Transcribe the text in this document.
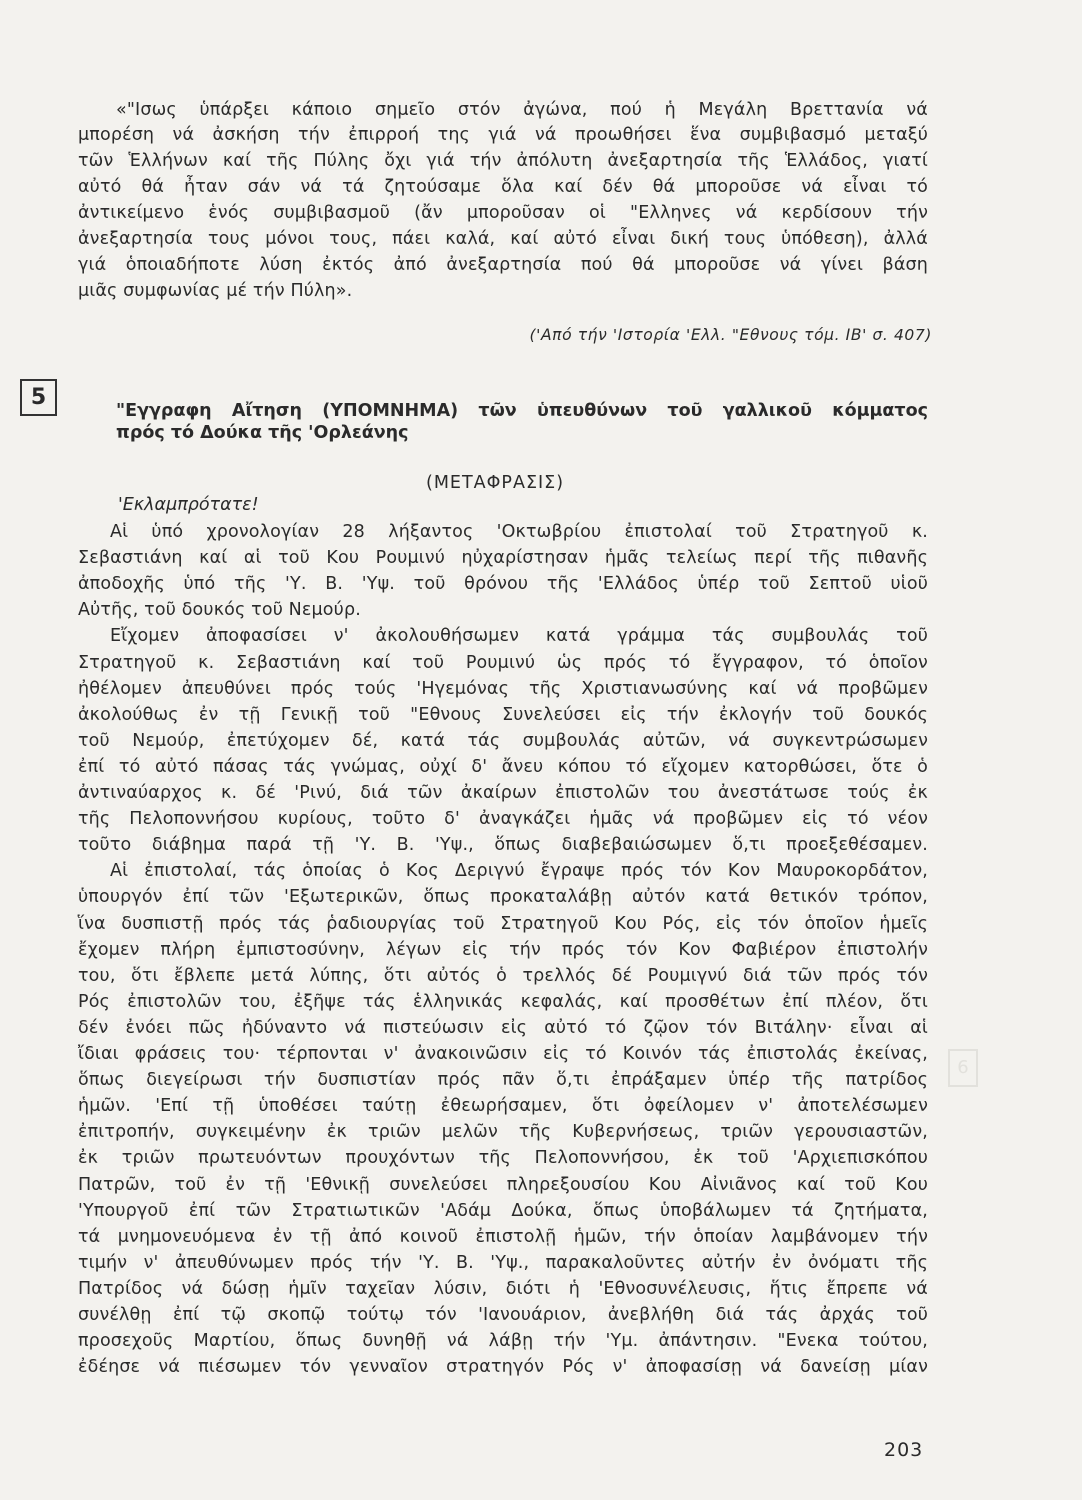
«"Ισως ὑπάρξει κάποιο σημεῖο στόν ἀγώνα, πού ἡ Μεγάλη Βρεττανία νά
μπορέση νά ἀσκήση τήν ἐπιρροή της γιά νά προωθήσει ἕνα συμβιβασμό μεταξύ
τῶν Ἑλλήνων καί τῆς Πύλης ὄχι γιά τήν ἀπόλυτη ἀνεξαρτησία τῆς Ἑλλάδος, γιατί
αὐτό θά ἦταν σάν νά τά ζητούσαμε ὅλα καί δέν θά μποροῦσε νά εἶναι τό
ἀντικείμενο ἑνός συμβιβασμοῦ (ἄν μποροῦσαν οἱ "Ελληνες νά κερδίσουν τήν
ἀνεξαρτησία τους μόνοι τους, πάει καλά, καί αὐτό εἶναι δική τους ὑπόθεση), ἀλλά
γιά ὁποιαδήποτε λύση ἐκτός ἀπό ἀνεξαρτησία πού θά μποροῦσε νά γίνει βάση
μιᾶς συμφωνίας μέ τήν Πύλη».
('Από τήν 'Ιστορία 'Ελλ. "Εθνους τόμ. ΙΒ' σ. 407)
5
"Εγγραφη Αἴτηση (ΥΠΟΜΝΗΜΑ) τῶν ὑπευθύνων τοῦ γαλλικοῦ κόμματος
πρός τό Δούκα τῆς 'Ορλεάνης
(ΜΕΤΑΦΡΑΣΙΣ)
'Εκλαμπρότατε!
Αἱ ὑπό χρονολογίαν 28 λήξαντος 'Οκτωβρίου ἐπιστολαί τοῦ Στρατηγοῦ κ.
Σεβαστιάνη καί αἱ τοῦ Κου Ρουμινύ ηὐχαρίστησαν ἡμᾶς τελείως περί τῆς πιθανῆς
ἀποδοχῆς ὑπό τῆς 'Υ. Β. 'Υψ. τοῦ θρόνου τῆς 'Ελλάδος ὑπέρ τοῦ Σεπτοῦ υἱοῦ
Αὐτῆς, τοῦ δουκός τοῦ Νεμούρ.
Εἴχομεν ἀποφασίσει ν' ἀκολουθήσωμεν κατά γράμμα τάς συμβουλάς τοῦ
Στρατηγοῦ κ. Σεβαστιάνη καί τοῦ Ρουμινύ ὡς πρός τό ἔγγραφον, τό ὁποῖον
ἠθέλομεν ἀπευθύνει πρός τούς 'Ηγεμόνας τῆς Χριστιανωσύνης καί νά προβῶμεν
ἀκολούθως ἐν τῇ Γενικῇ τοῦ "Εθνους Συνελεύσει εἰς τήν ἐκλογήν τοῦ δουκός
τοῦ Νεμούρ, ἐπετύχομεν δέ, κατά τάς συμβουλάς αὐτῶν, νά συγκεντρώσωμεν
ἐπί τό αὐτό πάσας τάς γνώμας, οὐχί δ' ἄνευ κόπου τό εἴχομεν κατορθώσει, ὅτε ὁ
ἀντιναύαρχος κ. δέ 'Ρινύ, διά τῶν ἀκαίρων ἐπιστολῶν του ἀνεστάτωσε τούς ἐκ
τῆς Πελοποννήσου κυρίους, τοῦτο δ' ἀναγκάζει ἡμᾶς νά προβῶμεν εἰς τό νέον
τοῦτο διάβημα παρά τῇ 'Υ. Β. 'Υψ., ὅπως διαβεβαιώσωμεν ὅ,τι προεξεθέσαμεν.
Αἱ ἐπιστολαί, τάς ὁποίας ὁ Κος Δεριγνύ ἔγραψε πρός τόν Κον Μαυροκορδάτον,
ὑπουργόν ἐπί τῶν 'Εξωτερικῶν, ὅπως προκαταλάβῃ αὐτόν κατά θετικόν τρόπον,
ἵνα δυσπιστῇ πρός τάς ῥαδιουργίας τοῦ Στρατηγοῦ Κου Ρός, εἰς τόν ὁποῖον ἡμεῖς
ἔχομεν πλήρη ἐμπιστοσύνην, λέγων εἰς τήν πρός τόν Κον Φαβιέρον ἐπιστολήν
του, ὅτι ἔβλεπε μετά λύπης, ὅτι αὐτός ὁ τρελλός δέ Ρουμιγνύ διά τῶν πρός τόν
Ρός ἐπιστολῶν του, ἐξῆψε τάς ἑλληνικάς κεφαλάς, καί προσθέτων ἐπί πλέον, ὅτι
δέν ἐνόει πῶς ἠδύναντο νά πιστεύωσιν εἰς αὐτό τό ζῷον τόν Βιτάλην· εἶναι αἱ
ἴδιαι φράσεις του· τέρπονται ν' ἀνακοινῶσιν εἰς τό Κοινόν τάς ἐπιστολάς ἐκείνας,
ὅπως διεγείρωσι τήν δυσπιστίαν πρός πᾶν ὅ,τι ἐπράξαμεν ὑπέρ τῆς πατρίδος
ἡμῶν. 'Επί τῇ ὑποθέσει ταύτῃ ἐθεωρήσαμεν, ὅτι ὀφείλομεν ν' ἀποτελέσωμεν
ἐπιτροπήν, συγκειμένην ἐκ τριῶν μελῶν τῆς Κυβερνήσεως, τριῶν γερουσιαστῶν,
ἐκ τριῶν πρωτευόντων προυχόντων τῆς Πελοποννήσου, ἐκ τοῦ 'Αρχιεπισκόπου
Πατρῶν, τοῦ ἐν τῇ 'Εθνικῇ συνελεύσει πληρεξουσίου Κου Αἰνιᾶνος καί τοῦ Κου
'Υπουργοῦ ἐπί τῶν Στρατιωτικῶν 'Αδάμ Δούκα, ὅπως ὑποβάλωμεν τά ζητήματα,
τά μνημονευόμενα ἐν τῇ ἀπό κοινοῦ ἐπιστολῇ ἡμῶν, τήν ὁποίαν λαμβάνομεν τήν
τιμήν ν' ἀπευθύνωμεν πρός τήν 'Υ. Β. 'Υψ., παρακαλοῦντες αὐτήν ἐν ὀνόματι τῆς
Πατρίδος νά δώσῃ ἡμῖν ταχεῖαν λύσιν, διότι ἡ 'Εθνοσυνέλευσις, ἥτις ἔπρεπε νά
συνέλθῃ ἐπί τῷ σκοπῷ τούτῳ τόν 'Ιανουάριον, ἀνεβλήθη διά τάς ἀρχάς τοῦ
προσεχοῦς Μαρτίου, ὅπως δυνηθῇ νά λάβῃ τήν 'Υμ. ἀπάντησιν. "Ενεκα τούτου,
ἐδέησε νά πιέσωμεν τόν γενναῖον στρατηγόν Ρός ν' ἀποφασίσῃ νά δανείσῃ μίαν
6
203
